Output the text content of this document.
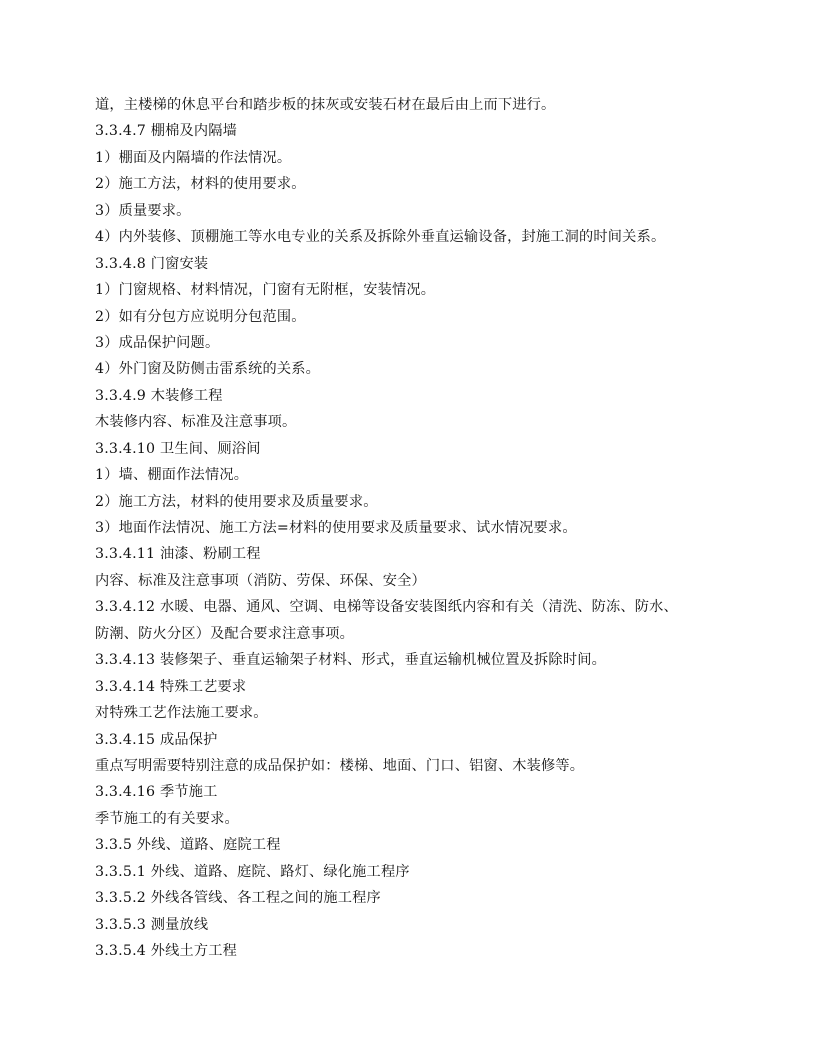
道，主楼梯的休息平台和踏步板的抹灰或安装石材在最后由上而下进行。
3.3.4.7 棚棉及内隔墙
1）棚面及内隔墙的作法情况。
2）施工方法，材料的使用要求。
3）质量要求。
4）内外装修、顶棚施工等水电专业的关系及拆除外垂直运输设备，封施工洞的时间关系。
3.3.4.8 门窗安装
1）门窗规格、材料情况，门窗有无附框，安装情况。
2）如有分包方应说明分包范围。
3）成品保护问题。
4）外门窗及防侧击雷系统的关系。
3.3.4.9 木装修工程
木装修内容、标准及注意事项。
3.3.4.10 卫生间、厕浴间
1）墙、棚面作法情况。
2）施工方法，材料的使用要求及质量要求。
3）地面作法情况、施工方法=材料的使用要求及质量要求、试水情况要求。
3.3.4.11 油漆、粉刷工程
内容、标准及注意事项（消防、劳保、环保、安全）
3.3.4.12 水暖、电器、通风、空调、电梯等设备安装图纸内容和有关（清洗、防冻、防水、
防潮、防火分区）及配合要求注意事项。
3.3.4.13 装修架子、垂直运输架子材料、形式，垂直运输机械位置及拆除时间。
3.3.4.14 特殊工艺要求
对特殊工艺作法施工要求。
3.3.4.15 成品保护
重点写明需要特别注意的成品保护如：楼梯、地面、门口、铝窗、木装修等。
3.3.4.16 季节施工
季节施工的有关要求。
3.3.5 外线、道路、庭院工程
3.3.5.1 外线、道路、庭院、路灯、绿化施工程序
3.3.5.2 外线各管线、各工程之间的施工程序
3.3.5.3 测量放线
3.3.5.4 外线土方工程
